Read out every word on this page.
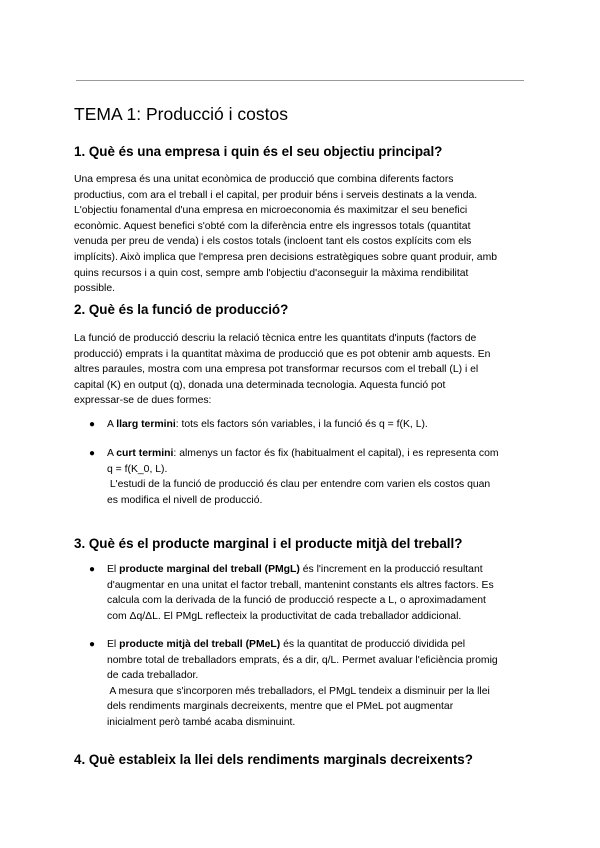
TEMA 1: Producció i costos
1. Què és una empresa i quin és el seu objectiu principal?

Una empresa és una unitat econòmica de producció que combina diferents factors
productius, com ara el treball i el capital, per produir béns i serveis destinats a la venda.
L'objectiu fonamental d'una empresa en microeconomia és maximitzar el seu benefici
econòmic. Aquest benefici s'obté com la diferència entre els ingressos totals (quantitat
venuda per preu de venda) i els costos totals (incloent tant els costos explícits com els
implícits). Això implica que l'empresa pren decisions estratègiques sobre quant produir, amb
quins recursos i a quin cost, sempre amb l'objectiu d'aconseguir la màxima rendibilitat
possible.

2. Què és la funció de producció?

La funció de producció descriu la relació tècnica entre les quantitats d'inputs (factors de
producció) emprats i la quantitat màxima de producció que es pot obtenir amb aquests. En
altres paraules, mostra com una empresa pot transformar recursos com el treball (L) i el
capital (K) en output (q), donada una determinada tecnologia. Aquesta funció pot
expressar-se de dues formes:

●	A llarg termini: tots els factors són variables, i la funció és q = f(K, L).

●	A curt termini: almenys un factor és fix (habitualment el capital), i es representa com
q = f(K_0, L).
L'estudi de la funció de producció és clau per entendre com varien els costos quan
es modifica el nivell de producció.

3. Què és el producte marginal i el producte mitjà del treball?
●	El producte marginal del treball (PMgL) és l'increment en la producció resultant
d'augmentar en una unitat el factor treball, mantenint constants els altres factors. Es
calcula com la derivada de la funció de producció respecte a L, o aproximadament
com Δq/ΔL. El PMgL reflecteix la productivitat de cada treballador addicional.

●	El producte mitjà del treball (PMeL) és la quantitat de producció dividida pel
nombre total de treballadors emprats, és a dir, q/L. Permet avaluar l'eficiència promig
de cada treballador.
A mesura que s'incorporen més treballadors, el PMgL tendeix a disminuir per la llei
dels rendiments marginals decreixents, mentre que el PMeL pot augmentar
inicialment però també acaba disminuint.

4. Què estableix la llei dels rendiments marginals decreixents?
